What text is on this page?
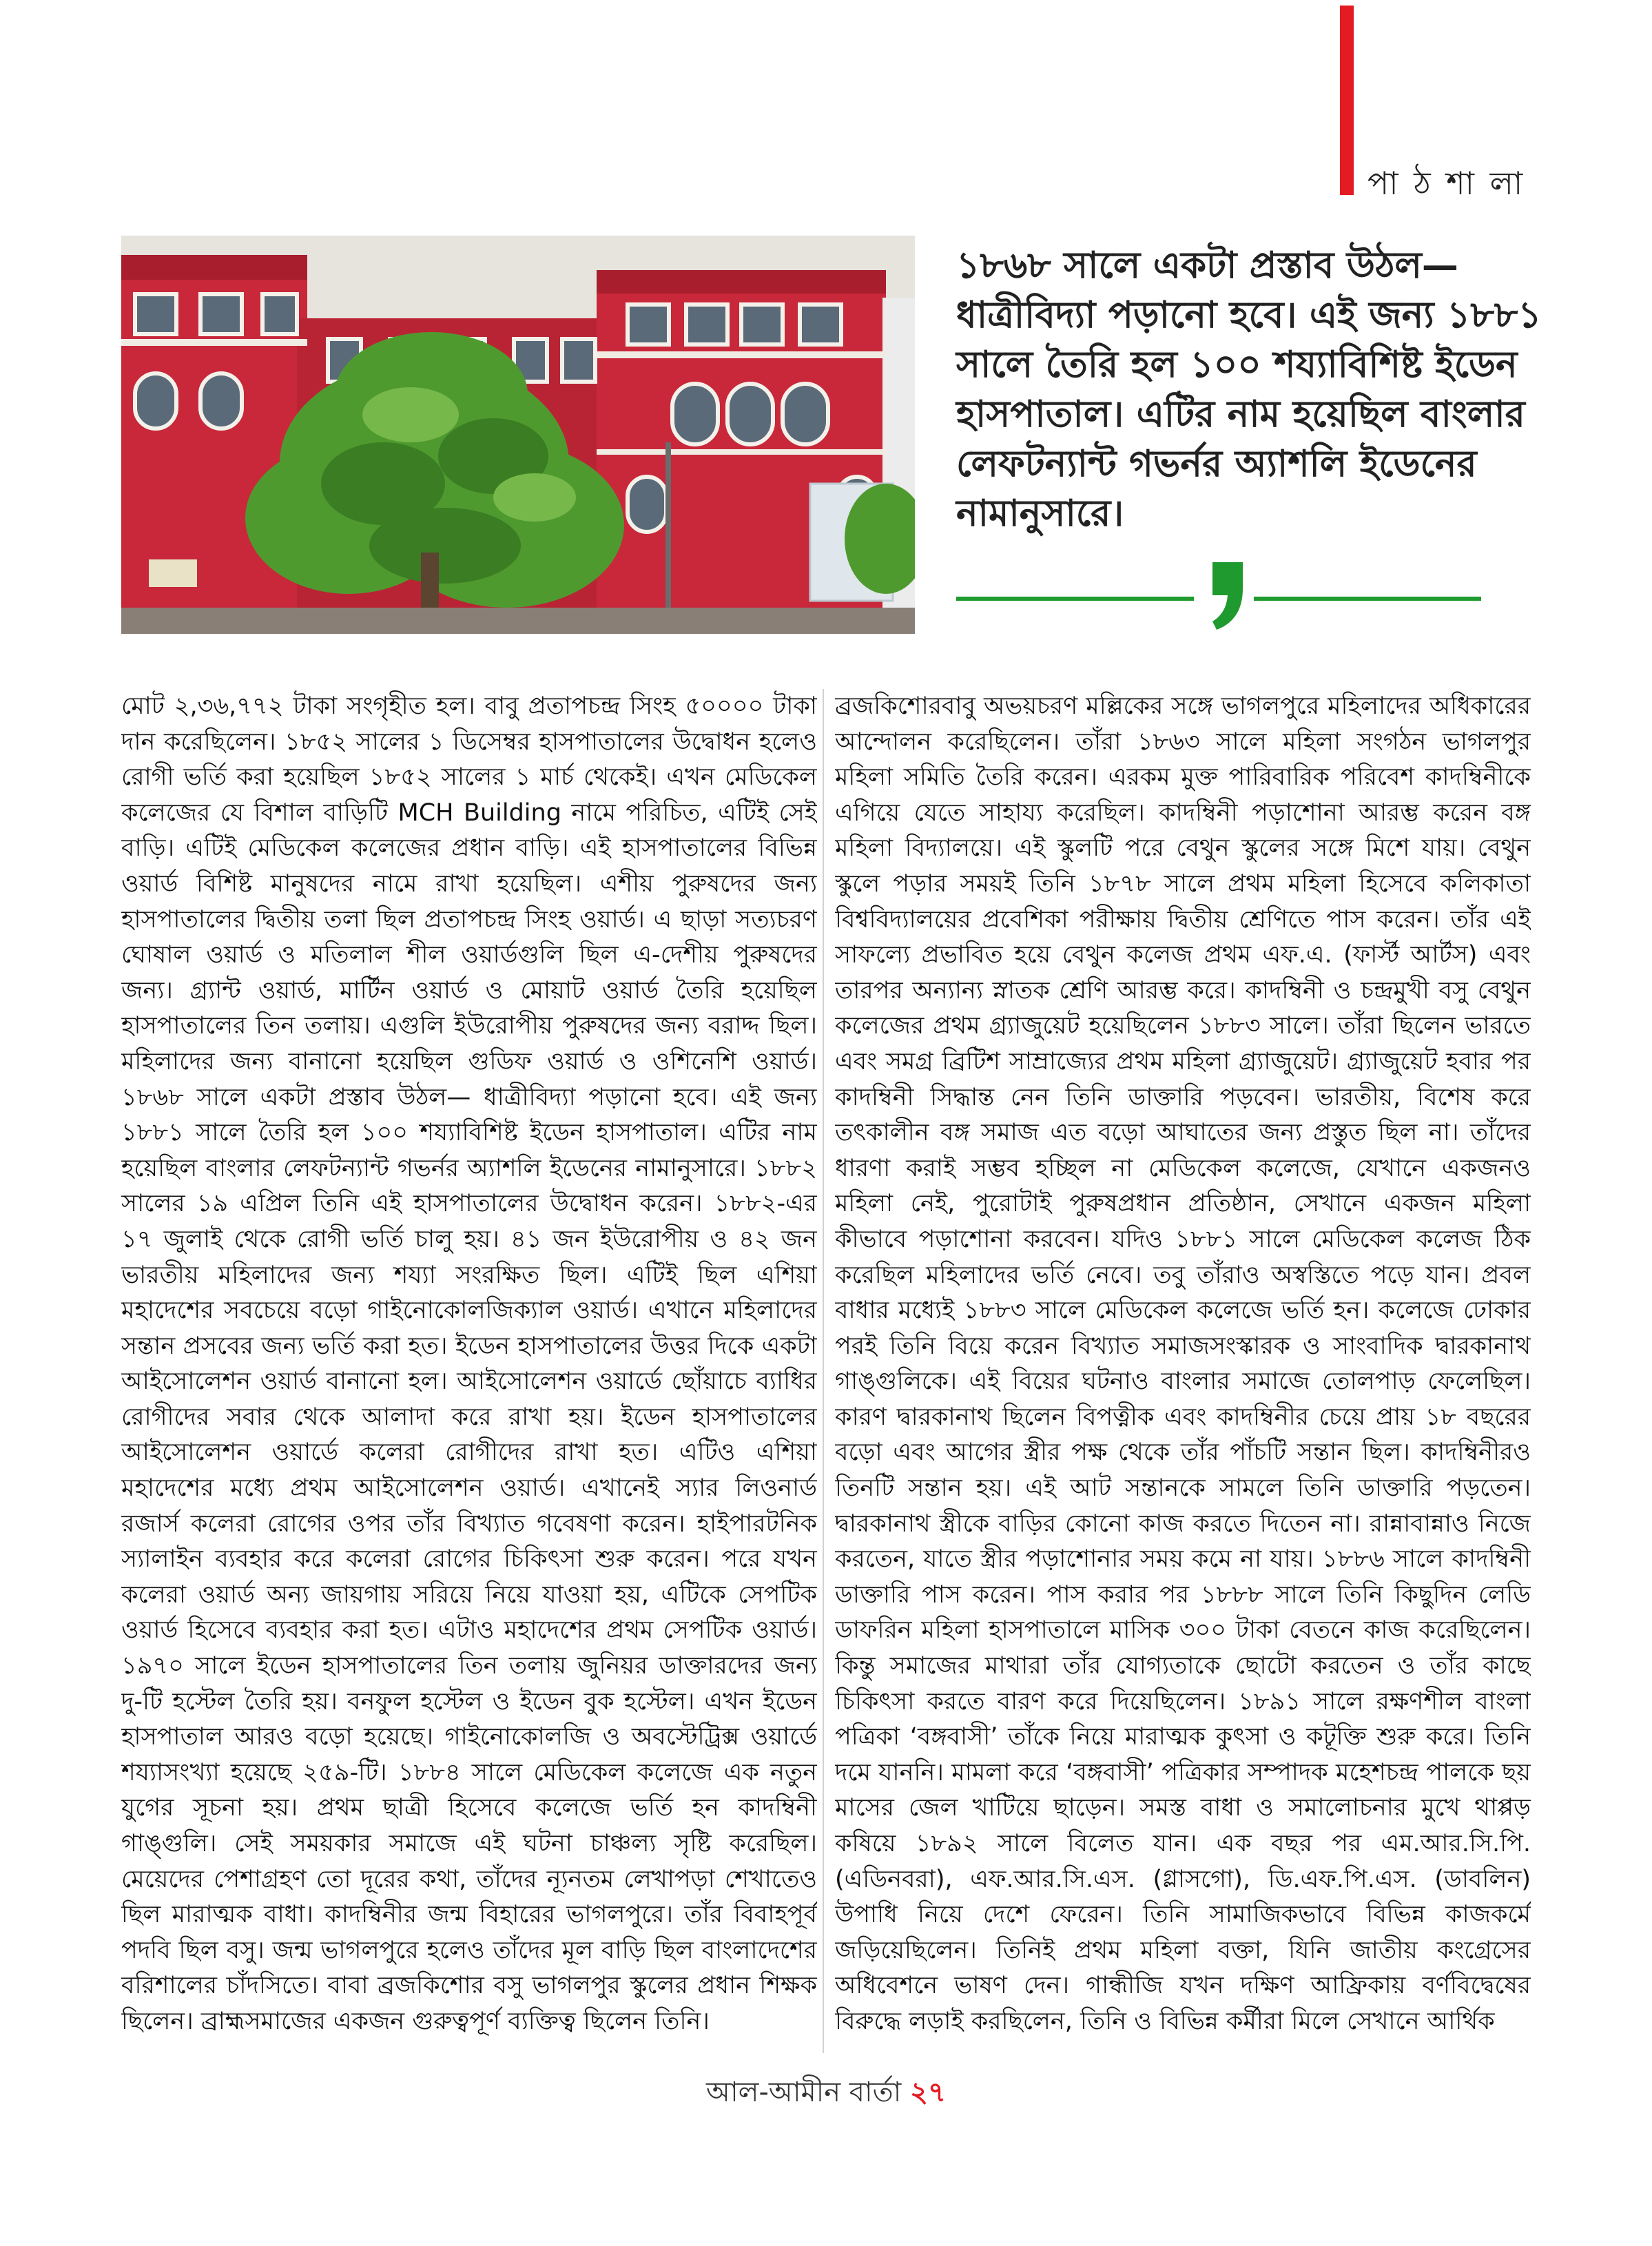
পা ঠ শা লা

১৮৬৮ সালে একটা প্রস্তাব উঠল— ধাত্রীবিদ্যা পড়ানো হবে। এই জন্য ১৮৮১ সালে তৈরি হল ১০০ শয্যাবিশিষ্ট ইডেন হাসপাতাল। এটির নাম হয়েছিল বাংলার লেফটন্যান্ট গভর্নর অ্যাশলি ইডেনের নামানুসারে।

মোট ২,৩৬,৭৭২ টাকা সংগৃহীত হল। বাবু প্রতাপচন্দ্র সিংহ ৫০০০০ টাকা দান করেছিলেন। ১৮৫২ সালের ১ ডিসেম্বর হাসপাতালের উদ্বোধন হলেও রোগী ভর্তি করা হয়েছিল ১৮৫২ সালের ১ মার্চ থেকেই। এখন মেডিকেল কলেজের যে বিশাল বাড়িটি MCH Building নামে পরিচিত, এটিই সেই বাড়ি। এটিই মেডিকেল কলেজের প্রধান বাড়ি। এই হাসপাতালের বিভিন্ন ওয়ার্ড বিশিষ্ট মানুষদের নামে রাখা হয়েছিল। এশীয় পুরুষদের জন্য হাসপাতালের দ্বিতীয় তলা ছিল প্রতাপচন্দ্র সিংহ ওয়ার্ড। এ ছাড়া সত্যচরণ ঘোষাল ওয়ার্ড ও মতিলাল শীল ওয়ার্ডগুলি ছিল এ-দেশীয় পুরুষদের জন্য। গ্র্যান্ট ওয়ার্ড, মার্টিন ওয়ার্ড ও মোয়াট ওয়ার্ড তৈরি হয়েছিল হাসপাতালের তিন তলায়। এগুলি ইউরোপীয় পুরুষদের জন্য বরাদ্দ ছিল। মহিলাদের জন্য বানানো হয়েছিল গুডিফ ওয়ার্ড ও ওশিনেশি ওয়ার্ড। ১৮৬৮ সালে একটা প্রস্তাব উঠল— ধাত্রীবিদ্যা পড়ানো হবে। এই জন্য ১৮৮১ সালে তৈরি হল ১০০ শয্যাবিশিষ্ট ইডেন হাসপাতাল। এটির নাম হয়েছিল বাংলার লেফটন্যান্ট গভর্নর অ্যাশলি ইডেনের নামানুসারে। ১৮৮২ সালের ১৯ এপ্রিল তিনি এই হাসপাতালের উদ্বোধন করেন। ১৮৮২-এর ১৭ জুলাই থেকে রোগী ভর্তি চালু হয়। ৪১ জন ইউরোপীয় ও ৪২ জন ভারতীয় মহিলাদের জন্য শয্যা সংরক্ষিত ছিল। এটিই ছিল এশিয়া মহাদেশের সবচেয়ে বড়ো গাইনোকোলজিক্যাল ওয়ার্ড। এখানে মহিলাদের সন্তান প্রসবের জন্য ভর্তি করা হত। ইডেন হাসপাতালের উত্তর দিকে একটা আইসোলেশন ওয়ার্ড বানানো হল। আইসোলেশন ওয়ার্ডে ছোঁয়াচে ব্যাধির রোগীদের সবার থেকে আলাদা করে রাখা হয়। ইডেন হাসপাতালের আইসোলেশন ওয়ার্ডে কলেরা রোগীদের রাখা হত। এটিও এশিয়া মহাদেশের মধ্যে প্রথম আইসোলেশন ওয়ার্ড। এখানেই স্যার লিওনার্ড রজার্স কলেরা রোগের ওপর তাঁর বিখ্যাত গবেষণা করেন। হাইপারটনিক স্যালাইন ব্যবহার করে কলেরা রোগের চিকিৎসা শুরু করেন। পরে যখন কলেরা ওয়ার্ড অন্য জায়গায় সরিয়ে নিয়ে যাওয়া হয়, এটিকে সেপটিক ওয়ার্ড হিসেবে ব্যবহার করা হত। এটাও মহাদেশের প্রথম সেপটিক ওয়ার্ড। ১৯৭০ সালে ইডেন হাসপাতালের তিন তলায় জুনিয়র ডাক্তারদের জন্য দু-টি হস্টেল তৈরি হয়। বনফুল হস্টেল ও ইডেন বুক হস্টেল। এখন ইডেন হাসপাতাল আরও বড়ো হয়েছে। গাইনোকোলজি ও অবস্টেট্রিক্স ওয়ার্ডে শয্যাসংখ্যা হয়েছে ২৫৯-টি। ১৮৮৪ সালে মেডিকেল কলেজে এক নতুন যুগের সূচনা হয়। প্রথম ছাত্রী হিসেবে কলেজে ভর্তি হন কাদম্বিনী গাঙ্গুলি। সেই সময়কার সমাজে এই ঘটনা চাঞ্চল্য সৃষ্টি করেছিল। মেয়েদের পেশাগ্রহণ তো দূরের কথা, তাঁদের ন্যূনতম লেখাপড়া শেখাতেও ছিল মারাত্মক বাধা। কাদম্বিনীর জন্ম বিহারের ভাগলপুরে। তাঁর বিবাহপূর্ব পদবি ছিল বসু। জন্ম ভাগলপুরে হলেও তাঁদের মূল বাড়ি ছিল বাংলাদেশের বরিশালের চাঁদসিতে। বাবা ব্রজকিশোর বসু ভাগলপুর স্কুলের প্রধান শিক্ষক ছিলেন। ব্রাহ্মসমাজের একজন গুরুত্বপূর্ণ ব্যক্তিত্ব ছিলেন তিনি।

ব্রজকিশোরবাবু অভয়চরণ মল্লিকের সঙ্গে ভাগলপুরে মহিলাদের অধিকারের আন্দোলন করেছিলেন। তাঁরা ১৮৬৩ সালে মহিলা সংগঠন ভাগলপুর মহিলা সমিতি তৈরি করেন। এরকম মুক্ত পারিবারিক পরিবেশ কাদম্বিনীকে এগিয়ে যেতে সাহায্য করেছিল। কাদম্বিনী পড়াশোনা আরম্ভ করেন বঙ্গ মহিলা বিদ্যালয়ে। এই স্কুলটি পরে বেথুন স্কুলের সঙ্গে মিশে যায়। বেথুন স্কুলে পড়ার সময়ই তিনি ১৮৭৮ সালে প্রথম মহিলা হিসেবে কলিকাতা বিশ্ববিদ্যালয়ের প্রবেশিকা পরীক্ষায় দ্বিতীয় শ্রেণিতে পাস করেন। তাঁর এই সাফল্যে প্রভাবিত হয়ে বেথুন কলেজ প্রথম এফ.এ. (ফার্স্ট আর্টস) এবং তারপর অন্যান্য স্নাতক শ্রেণি আরম্ভ করে। কাদম্বিনী ও চন্দ্রমুখী বসু বেথুন কলেজের প্রথম গ্র্যাজুয়েট হয়েছিলেন ১৮৮৩ সালে। তাঁরা ছিলেন ভারতে এবং সমগ্র ব্রিটিশ সাম্রাজ্যের প্রথম মহিলা গ্র্যাজুয়েট। গ্র্যাজুয়েট হবার পর কাদম্বিনী সিদ্ধান্ত নেন তিনি ডাক্তারি পড়বেন। ভারতীয়, বিশেষ করে তৎকালীন বঙ্গ সমাজ এত বড়ো আঘাতের জন্য প্রস্তুত ছিল না। তাঁদের ধারণা করাই সম্ভব হচ্ছিল না মেডিকেল কলেজে, যেখানে একজনও মহিলা নেই, পুরোটাই পুরুষপ্রধান প্রতিষ্ঠান, সেখানে একজন মহিলা কীভাবে পড়াশোনা করবেন। যদিও ১৮৮১ সালে মেডিকেল কলেজ ঠিক করেছিল মহিলাদের ভর্তি নেবে। তবু তাঁরাও অস্বস্তিতে পড়ে যান। প্রবল বাধার মধ্যেই ১৮৮৩ সালে মেডিকেল কলেজে ভর্তি হন। কলেজে ঢোকার পরই তিনি বিয়ে করেন বিখ্যাত সমাজসংস্কারক ও সাংবাদিক দ্বারকানাথ গাঙ্গুলিকে। এই বিয়ের ঘটনাও বাংলার সমাজে তোলপাড় ফেলেছিল। কারণ দ্বারকানাথ ছিলেন বিপত্নীক এবং কাদম্বিনীর চেয়ে প্রায় ১৮ বছরের বড়ো এবং আগের স্ত্রীর পক্ষ থেকে তাঁর পাঁচটি সন্তান ছিল। কাদম্বিনীরও তিনটি সন্তান হয়। এই আট সন্তানকে সামলে তিনি ডাক্তারি পড়তেন। দ্বারকানাথ স্ত্রীকে বাড়ির কোনো কাজ করতে দিতেন না। রান্নাবান্নাও নিজে করতেন, যাতে স্ত্রীর পড়াশোনার সময় কমে না যায়। ১৮৮৬ সালে কাদম্বিনী ডাক্তারি পাস করেন। পাস করার পর ১৮৮৮ সালে তিনি কিছুদিন লেডি ডাফরিন মহিলা হাসপাতালে মাসিক ৩০০ টাকা বেতনে কাজ করেছিলেন। কিন্তু সমাজের মাথারা তাঁর যোগ্যতাকে ছোটো করতেন ও তাঁর কাছে চিকিৎসা করতে বারণ করে দিয়েছিলেন। ১৮৯১ সালে রক্ষণশীল বাংলা পত্রিকা ‘বঙ্গবাসী’ তাঁকে নিয়ে মারাত্মক কুৎসা ও কটূক্তি শুরু করে। তিনি দমে যাননি। মামলা করে ‘বঙ্গবাসী’ পত্রিকার সম্পাদক মহেশচন্দ্র পালকে ছয় মাসের জেল খাটিয়ে ছাড়েন। সমস্ত বাধা ও সমালোচনার মুখে থাপ্পড় কষিয়ে ১৮৯২ সালে বিলেত যান। এক বছর পর এম.আর.সি.পি. (এডিনবরা), এফ.আর.সি.এস. (গ্লাসগো), ডি.এফ.পি.এস. (ডাবলিন) উপাধি নিয়ে দেশে ফেরেন। তিনি সামাজিকভাবে বিভিন্ন কাজকর্মে জড়িয়েছিলেন। তিনিই প্রথম মহিলা বক্তা, যিনি জাতীয় কংগ্রেসের অধিবেশনে ভাষণ দেন। গান্ধীজি যখন দক্ষিণ আফ্রিকায় বর্ণবিদ্বেষের বিরুদ্ধে লড়াই করছিলেন, তিনি ও বিভিন্ন কর্মীরা মিলে সেখানে আর্থিক

আল-আমীন বার্তা ২৭
